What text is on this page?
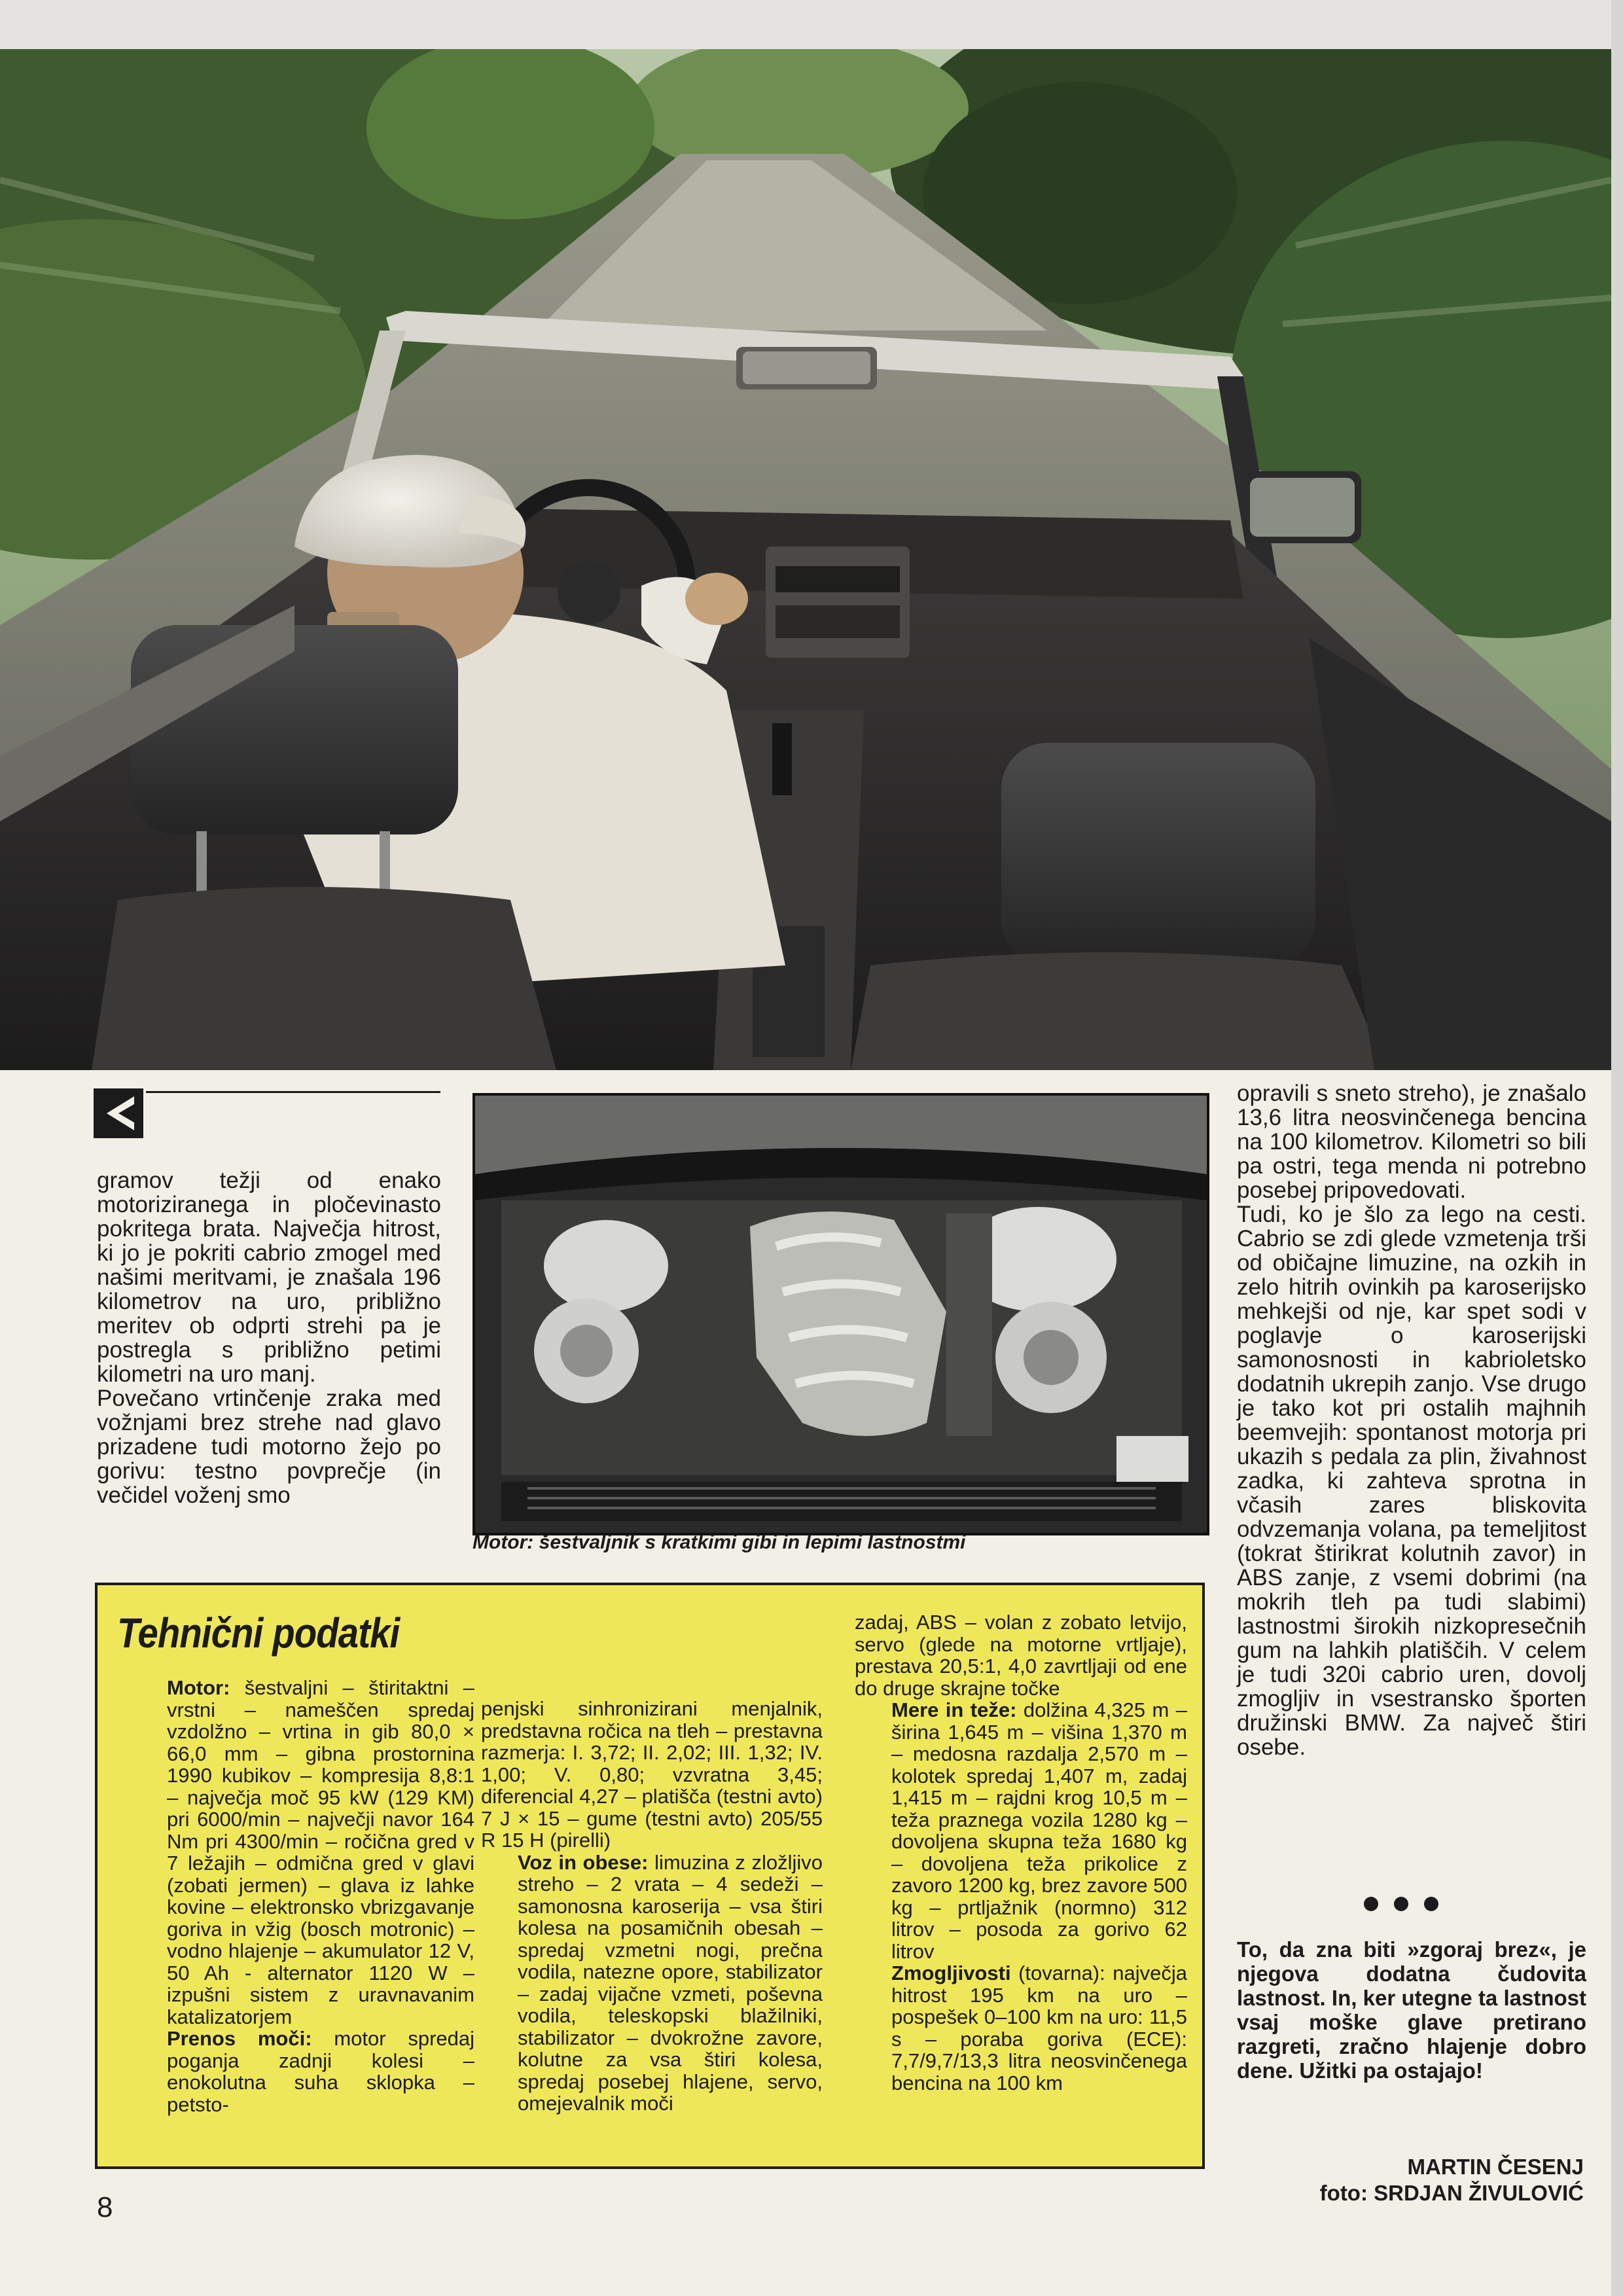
gramov težji od enako motoriziranega in pločevinasto pokritega brata. Največja hitrost, ki jo je pokriti cabrio zmogel med našimi meritvami, je znašala 196 kilometrov na uro, približno meritev ob odprti strehi pa je postregla s približno petimi kilometri na uro manj.

Povečano vrtinčenje zraka med vožnjami brez strehe nad glavo prizadene tudi motorno žejo po gorivu: testno povprečje (in večidel voženj smo

Motor: šestvaljnik s kratkimi gibi in lepimi lastnostmi

opravili s sneto streho), je znašalo 13,6 litra neosvinčenega bencina na 100 kilometrov. Kilometri so bili pa ostri, tega menda ni potrebno posebej pripovedovati.

Tudi, ko je šlo za lego na cesti. Cabrio se zdi glede vzmetenja trši od običajne limuzine, na ozkih in zelo hitrih ovinkih pa karoserijsko mehkejši od nje, kar spet sodi v poglavje o karoserijski samonosnosti in kabrioletsko dodatnih ukrepih zanjo. Vse drugo je tako kot pri ostalih majhnih beemvejih: spontanost motorja pri ukazih s pedala za plin, živahnost zadka, ki zahteva sprotna in včasih zares bliskovita odvzemanja volana, pa temeljitost (tokrat štirikrat kolutnih zavor) in ABS zanje, z vsemi dobrimi (na mokrih tleh pa tudi slabimi) lastnostmi širokih nizkopresečnih gum na lahkih platiščih. V celem je tudi 320i cabrio uren, dovolj zmogljiv in vsestransko športen družinski BMW. Za največ štiri osebe.

Tehnični podatki

Motor: šestvaljni – štiritaktni – vrstni – nameščen spredaj vzdolžno – vrtina in gib 80,0 × 66,0 mm – gibna prostornina 1990 kubikov – kompresija 8,8:1 – največja moč 95 kW (129 KM) pri 6000/min – največji navor 164 Nm pri 4300/min – ročična gred v 7 ležajih – odmična gred v glavi (zobati jermen) – glava iz lahke kovine – elektronsko vbrizgavanje goriva in vžig (bosch motronic) – vodno hlajenje – akumulator 12 V, 50 Ah - alternator 1120 W – izpušni sistem z uravnavanim katalizatorjem

Prenos moči: motor spredaj poganja zadnji kolesi – enokolutna suha sklopka – petsto-

penjski sinhronizirani menjalnik, predstavna ročica na tleh – prestavna razmerja: I. 3,72; II. 2,02; III. 1,32; IV. 1,00; V. 0,80; vzvratna 3,45; diferencial 4,27 – platišča (testni avto) 7 J × 15 – gume (testni avto) 205/55 R 15 H (pirelli)

Voz in obese: limuzina z zložljivo streho – 2 vrata – 4 sedeži – samonosna karoserija – vsa štiri kolesa na posamičnih obesah – spredaj vzmetni nogi, prečna vodila, natezne opore, stabilizator – zadaj vijačne vzmeti, poševna vodila, teleskopski blažilniki, stabilizator – dvokrožne zavore, kolutne za vsa štiri kolesa, spredaj posebej hlajene, servo, omejevalnik moči

zadaj, ABS – volan z zobato letvijo, servo (glede na motorne vrtljaje), prestava 20,5:1, 4,0 zavrtljaji od ene do druge skrajne točke

Mere in teže: dolžina 4,325 m – širina 1,645 m – višina 1,370 m – medosna razdalja 2,570 m – kolotek spredaj 1,407 m, zadaj 1,415 m – rajdni krog 10,5 m – teža praznega vozila 1280 kg – dovoljena skupna teža 1680 kg – dovoljena teža prikolice z zavoro 1200 kg, brez zavore 500 kg – prtljažnik (normno) 312 litrov – posoda za gorivo 62 litrov

Zmogljivosti (tovarna): največja hitrost 195 km na uro – pospešek 0–100 km na uro: 11,5 s – poraba goriva (ECE): 7,7/9,7/13,3 litra neosvinčenega bencina na 100 km

To, da zna biti »zgoraj brez«, je njegova dodatna čudovita lastnost. In, ker utegne ta lastnost vsaj moške glave pretirano razgreti, zračno hlajenje dobro dene. Užitki pa ostajajo!

MARTIN ČESENJ
foto: SRDJAN ŽIVULOVIĆ
8
